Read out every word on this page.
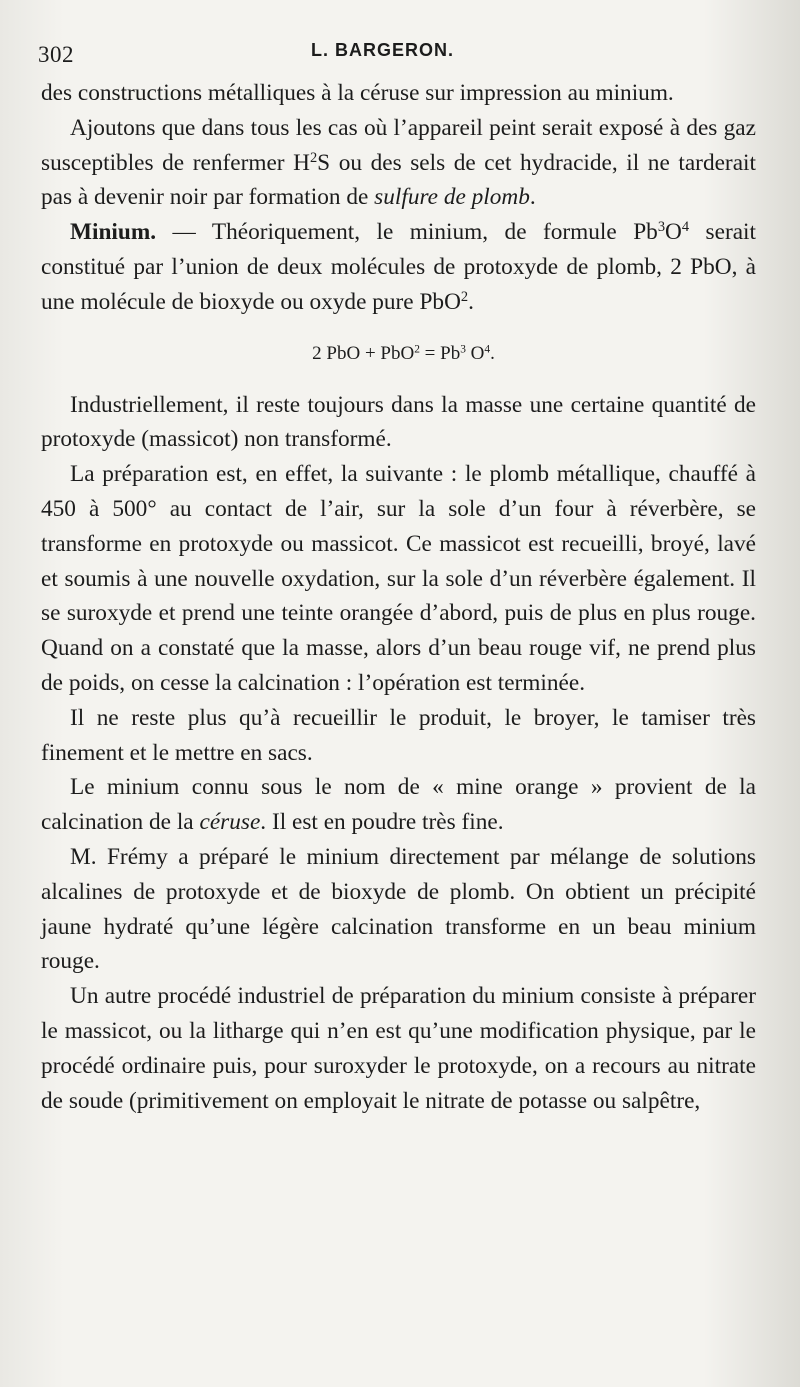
302	L. BARGERON.

des constructions métalliques à la céruse sur impression au minium.

Ajoutons que dans tous les cas où l’appareil peint serait exposé à des gaz susceptibles de renfermer $H^2S$ ou des sels de cet hydracide, il ne tarderait pas à devenir noir par formation de sulfure de plomb.

Minium. — Théoriquement, le minium, de formule $Pb^3O^4$ serait constitué par l’union de deux molécules de protoxyde de plomb, 2 PbO, à une molécule de bioxyde ou oxyde pure PbO$^2$.

2 PbO + $PbO^2 = Pb^3$ $O^4$.

Industriellement, il reste toujours dans la masse une certaine quantité de protoxyde (massicot) non transformé.

La préparation est, en effet, la suivante : le plomb métallique, chauffé à 450 à 500° au contact de l’air, sur la sole d’un four à réverbère, se transforme en protoxyde ou massicot. Ce massicot est recueilli, broyé, lavé et soumis à une nouvelle oxydation, sur la sole d’un réverbère également. Il se suroxyde et prend une teinte orangée d’abord, puis de plus en plus rouge. Quand on a constaté que la masse, alors d’un beau rouge vif, ne prend plus de poids, on cesse la calcination : l’opération est terminée.

Il ne reste plus qu’à recueillir le produit, le broyer, le tamiser très finement et le mettre en sacs.

Le minium connu sous le nom de « mine orange » provient de la calcination de la céruse. Il est en poudre très fine.

M. Frémy a préparé le minium directement par mélange de solutions alcalines de protoxyde et de bioxyde de plomb. On obtient un précipité jaune hydraté qu’une légère calcination transforme en un beau minium rouge.

Un autre procédé industriel de préparation du minium consiste à préparer le massicot, ou la litharge qui n’en est qu’une modification physique, par le procédé ordinaire puis, pour suroxyder le protoxyde, on a recours au nitrate de soude (primitivement on employait le nitrate de potasse ou salpêtre,
